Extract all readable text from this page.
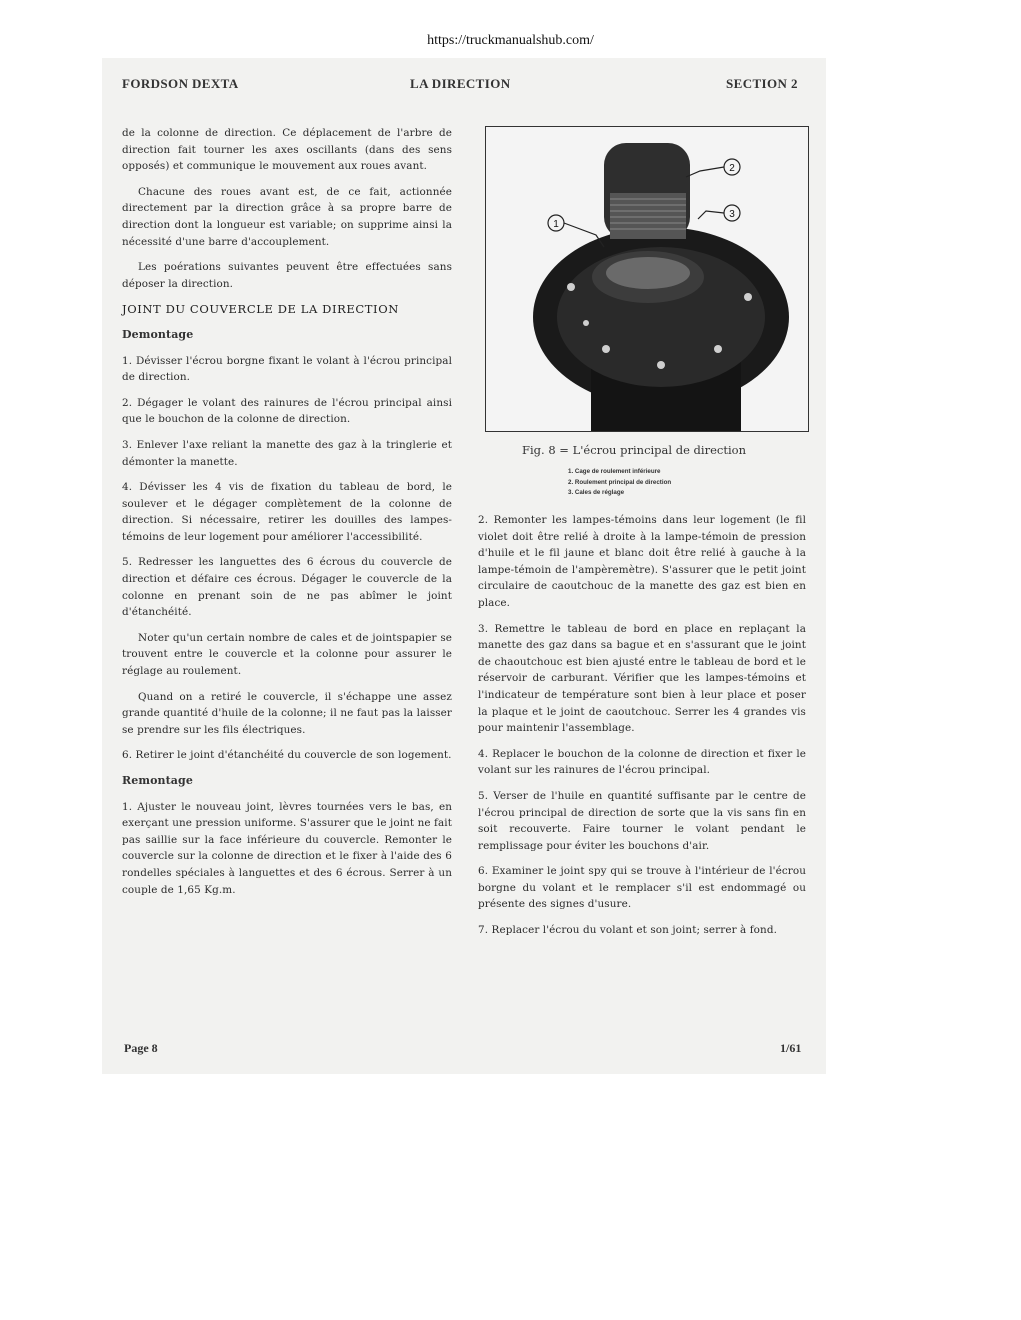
https://truckmanualshub.com/
FORDSON DEXTA	LA DIRECTION	SECTION 2

de la colonne de direction. Ce déplacement de l'arbre de direction fait tourner les axes oscillants (dans des sens opposés) et communique le mouvement aux roues avant.

Chacune des roues avant est, de ce fait, actionnée directement par la direction grâce à sa propre barre de direction dont la longueur est variable; on supprime ainsi la nécessité d'une barre d'accouplement.

Les poérations suivantes peuvent être effectuées sans déposer la direction.

JOINT DU COUVERCLE DE LA DIRECTION
Demontage

1. Dévisser l'écrou borgne fixant le volant à l'écrou principal de direction.

2. Dégager le volant des rainures de l'écrou principal ainsi que le bouchon de la colonne de direction.

3. Enlever l'axe reliant la manette des gaz à la tringlerie et démonter la manette.

4. Dévisser les 4 vis de fixation du tableau de bord, le soulever et le dégager complètement de la colonne de direction. Si nécessaire, retirer les douilles des lampes-témoins de leur logement pour améliorer l'accessibilité.

5. Redresser les languettes des 6 écrous du couvercle de direction et défaire ces écrous. Dégager le couvercle de la colonne en prenant soin de ne pas abîmer le joint d'étanchéité.

Noter qu'un certain nombre de cales et de jointspapier se trouvent entre le couvercle et la colonne pour assurer le réglage au roulement.

Quand on a retiré le couvercle, il s'échappe une assez grande quantité d'huile de la colonne; il ne faut pas la laisser se prendre sur les fils électriques.

6. Retirer le joint d'étanchéité du couvercle de son logement.

Remontage

1. Ajuster le nouveau joint, lèvres tournées vers le bas, en exerçant une pression uniforme. S'assurer que le joint ne fait pas saillie sur la face inférieure du couvercle. Remonter le couvercle sur la colonne de direction et le fixer à l'aide des 6 rondelles spéciales à languettes et des 6 écrous. Serrer à un couple de 1,65 Kg.m.

1
2
3
Fig. 8 = L'écrou principal de direction
1. Cage de roulement inférieure
2. Roulement principal de direction
3. Cales de réglage

2. Remonter les lampes-témoins dans leur logement (le fil violet doit être relié à droite à la lampe-témoin de pression d'huile et le fil jaune et blanc doit être relié à gauche à la lampe-témoin de l'ampèremètre). S'assurer que le petit joint circulaire de caoutchouc de la manette des gaz est bien en place.

3. Remettre le tableau de bord en place en replaçant la manette des gaz dans sa bague et en s'assurant que le joint de chaoutchouc est bien ajusté entre le tableau de bord et le réservoir de carburant. Vérifier que les lampes-témoins et l'indicateur de température sont bien à leur place et poser la plaque et le joint de caoutchouc. Serrer les 4 grandes vis pour maintenir l'assemblage.

4. Replacer le bouchon de la colonne de direction et fixer le volant sur les rainures de l'écrou principal.

5. Verser de l'huile en quantité suffisante par le centre de l'écrou principal de direction de sorte que la vis sans fin en soit recouverte. Faire tourner le volant pendant le remplissage pour éviter les bouchons d'air.

6. Examiner le joint spy qui se trouve à l'intérieur de l'écrou borgne du volant et le remplacer s'il est endommagé ou présente des signes d'usure.

7. Replacer l'écrou du volant et son joint; serrer à fond.

Page 8	1/61
